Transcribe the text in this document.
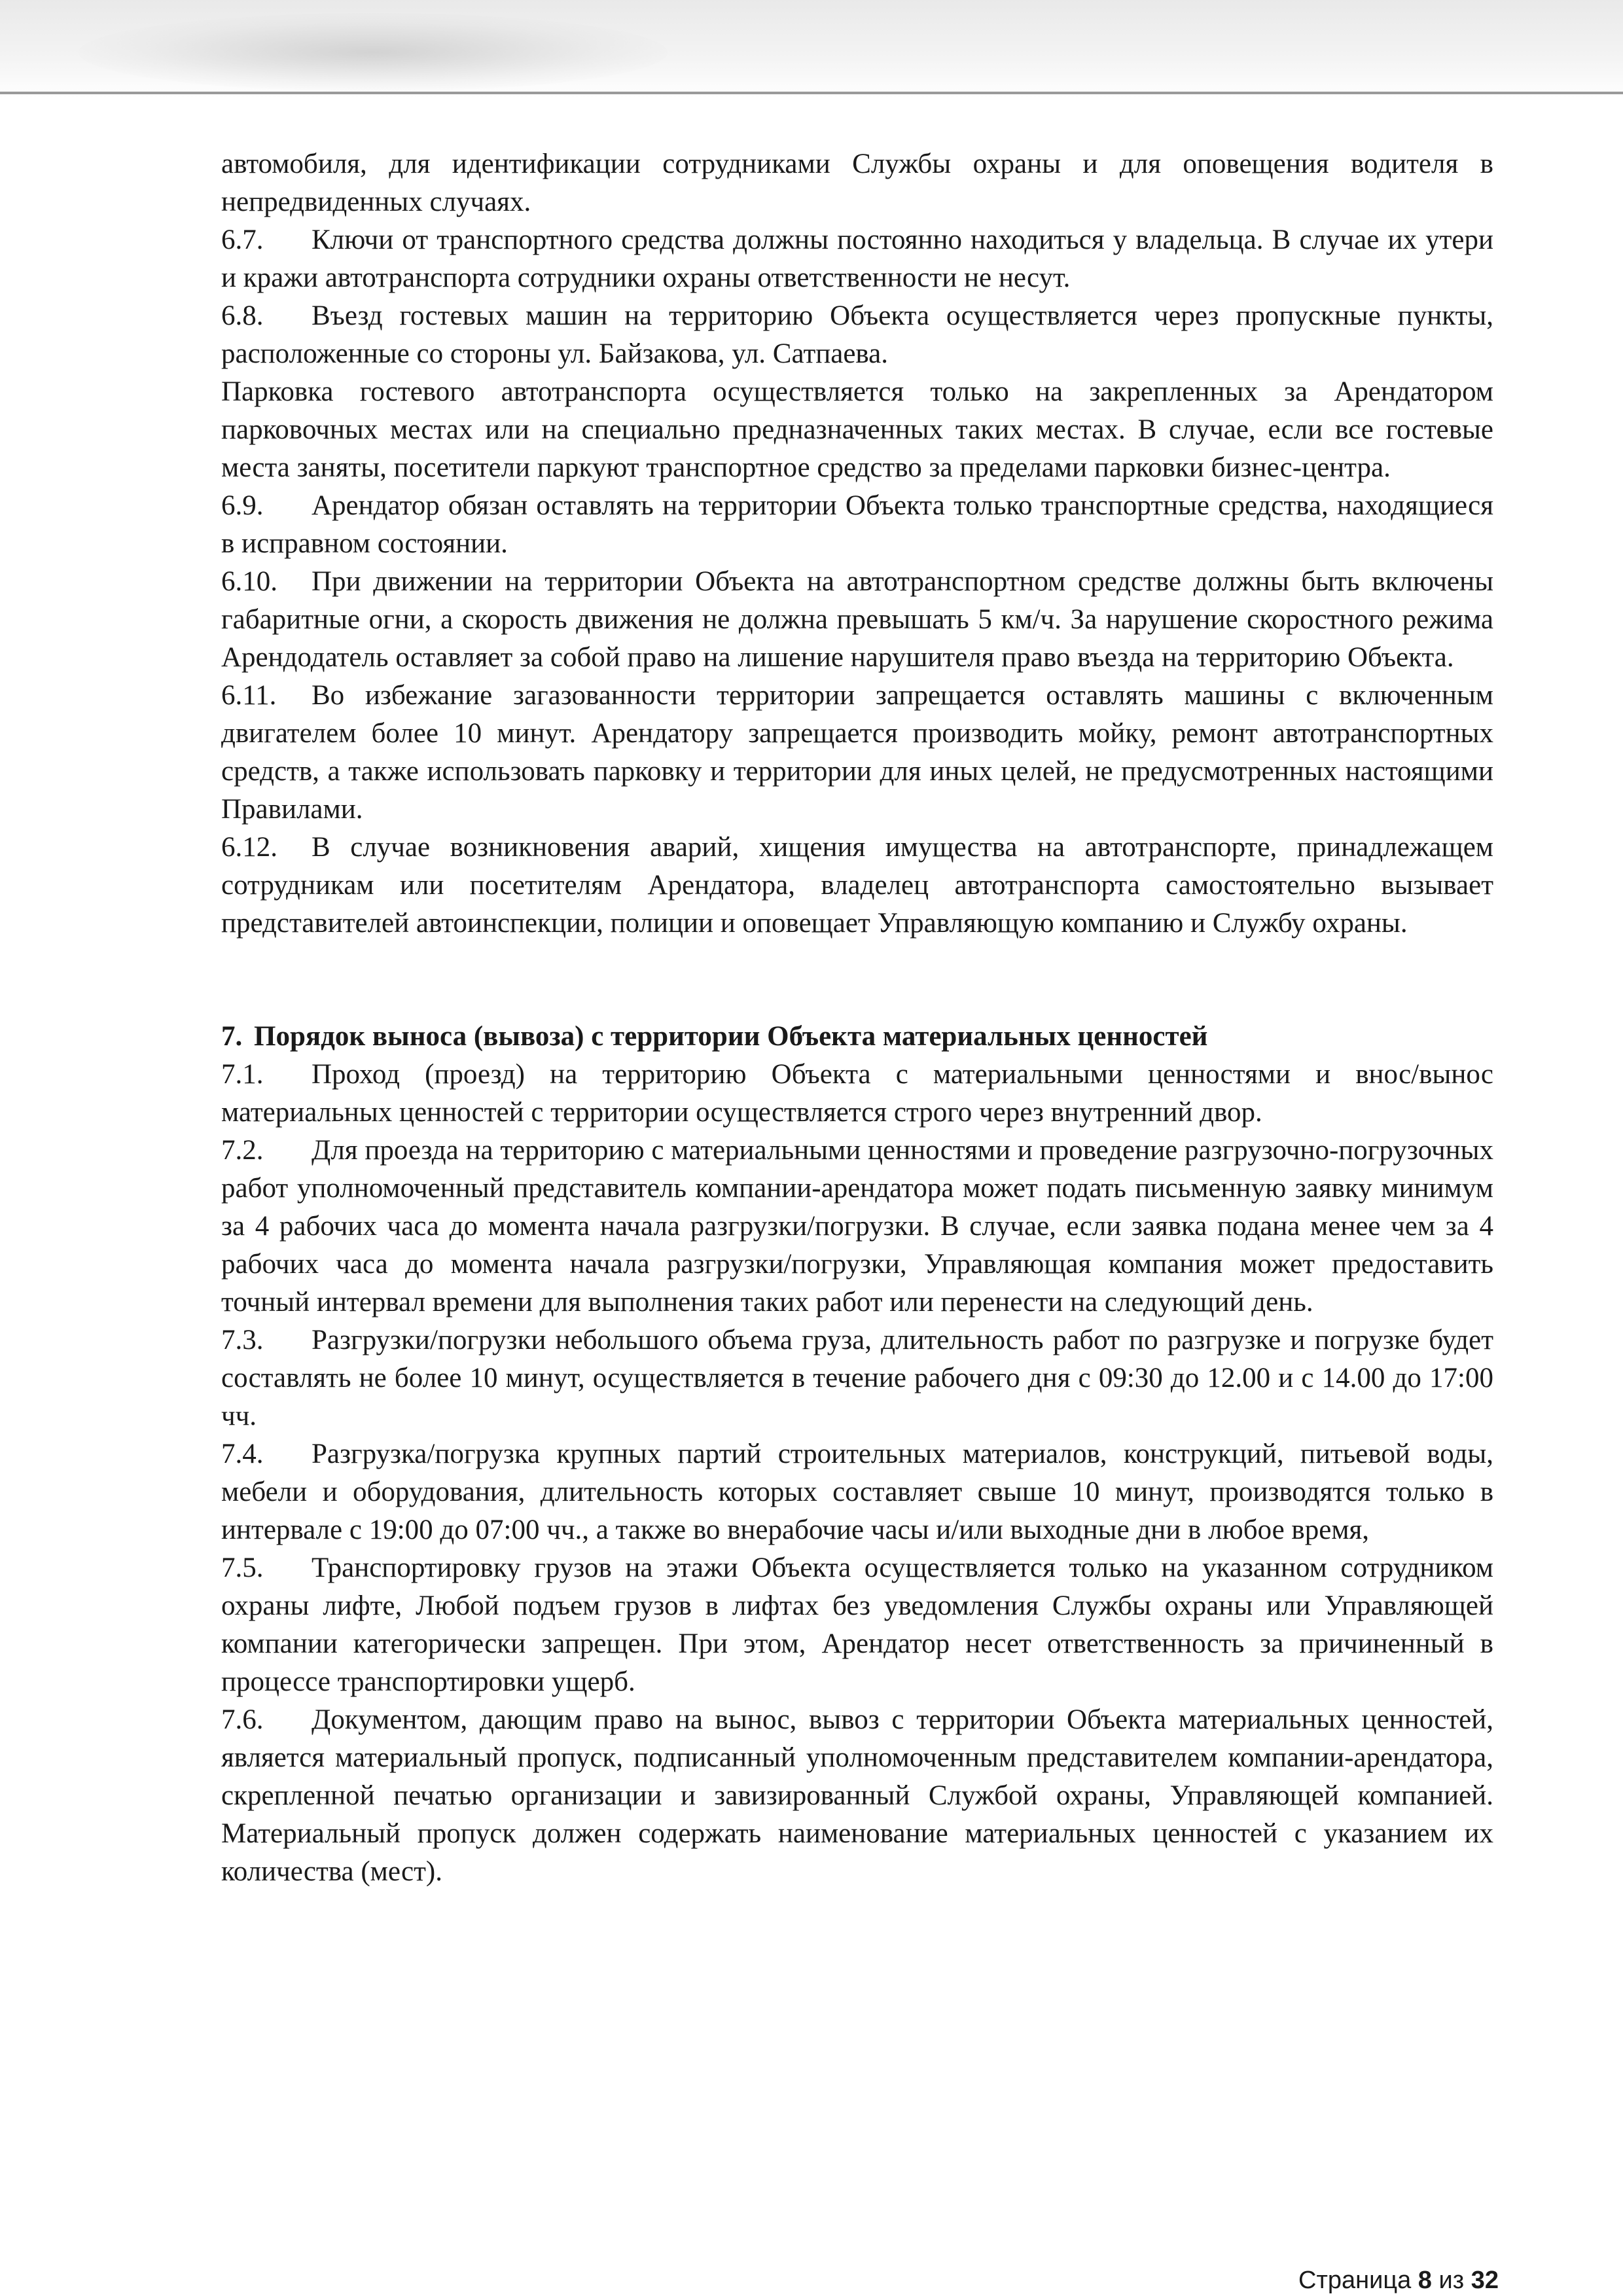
автомобиля, для идентификации сотрудниками Службы охраны и для оповещения водителя в непредвиденных случаях.

6.7. Ключи от транспортного средства должны постоянно находиться у владельца. В случае их утери и кражи автотранспорта сотрудники охраны ответственности не несут.

6.8. Въезд гостевых машин на территорию Объекта осуществляется через пропускные пункты, расположенные со стороны ул. Байзакова, ул. Сатпаева.

Парковка гостевого автотранспорта осуществляется только на закрепленных за Арендатором парковочных местах или на специально предназначенных таких местах. В случае, если все гостевые места заняты, посетители паркуют транспортное средство за пределами парковки бизнес-центра.

6.9. Арендатор обязан оставлять на территории Объекта только транспортные средства, находящиеся в исправном состоянии.

6.10. При движении на территории Объекта на автотранспортном средстве должны быть включены габаритные огни, а скорость движения не должна превышать 5 км/ч. За нарушение скоростного режима Арендодатель оставляет за собой право на лишение нарушителя право въезда на территорию Объекта.

6.11. Во избежание загазованности территории запрещается оставлять машины с включенным двигателем более 10 минут. Арендатору запрещается производить мойку, ремонт автотранспортных средств, а также использовать парковку и территории для иных целей, не предусмотренных настоящими Правилами.

6.12. В случае возникновения аварий, хищения имущества на автотранспорте, принадлежащем сотрудникам или посетителям Арендатора, владелец автотранспорта самостоятельно вызывает представителей автоинспекции, полиции и оповещает Управляющую компанию и Службу охраны.

7. Порядок выноса (вывоза) с территории Объекта материальных ценностей

7.1. Проход (проезд) на территорию Объекта с материальными ценностями и внос/вынос материальных ценностей с территории осуществляется строго через внутренний двор.

7.2. Для проезда на территорию с материальными ценностями и проведение разгрузочно-погрузочных работ уполномоченный представитель компании-арендатора может подать письменную заявку минимум за 4 рабочих часа до момента начала разгрузки/погрузки. В случае, если заявка подана менее чем за 4 рабочих часа до момента начала разгрузки/погрузки, Управляющая компания может предоставить точный интервал времени для выполнения таких работ или перенести на следующий день.

7.3. Разгрузки/погрузки небольшого объема груза, длительность работ по разгрузке и погрузке будет составлять не более 10 минут, осуществляется в течение рабочего дня с 09:30 до 12.00 и с 14.00 до 17:00 чч.

7.4. Разгрузка/погрузка крупных партий строительных материалов, конструкций, питьевой воды, мебели и оборудования, длительность которых составляет свыше 10 минут, производятся только в интервале с 19:00 до 07:00 чч., а также во внерабочие часы и/или выходные дни в любое время,

7.5. Транспортировку грузов на этажи Объекта осуществляется только на указанном сотрудником охраны лифте, Любой подъем грузов в лифтах без уведомления Службы охраны или Управляющей компании категорически запрещен. При этом, Арендатор несет ответственность за причиненный в процессе транспортировки ущерб.

7.6. Документом, дающим право на вынос, вывоз с территории Объекта материальных ценностей, является материальный пропуск, подписанный уполномоченным представителем компании-арендатора, скрепленной печатью организации и завизированный Службой охраны, Управляющей компанией. Материальный пропуск должен содержать наименование материальных ценностей с указанием их количества (мест).

Страница 8 из 32
